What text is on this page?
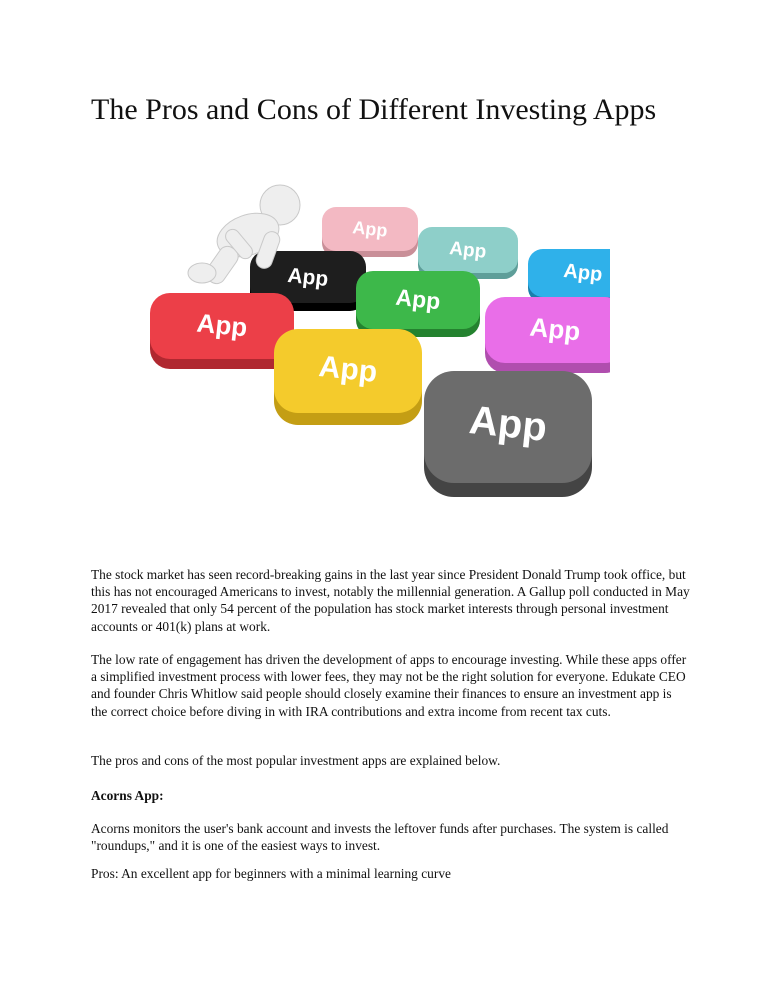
The Pros and Cons of Different Investing Apps
App
App
App
App
App
App	App
App
App

The stock market has seen record-breaking gains in the last year since President Donald Trump took office, but this has not encouraged Americans to invest, notably the millennial generation. A Gallup poll conducted in May 2017 revealed that only 54 percent of the population has stock market interests through personal investment accounts or 401(k) plans at work.

The low rate of engagement has driven the development of apps to encourage investing. While these apps offer a simplified investment process with lower fees, they may not be the right solution for everyone. Edukate CEO and founder Chris Whitlow said people should closely examine their finances to ensure an investment app is the correct choice before diving in with IRA contributions and extra income from recent tax cuts.

The pros and cons of the most popular investment apps are explained below.

Acorns App:

Acorns monitors the user's bank account and invests the leftover funds after purchases. The system is called "roundups," and it is one of the easiest ways to invest.

Pros: An excellent app for beginners with a minimal learning curve
